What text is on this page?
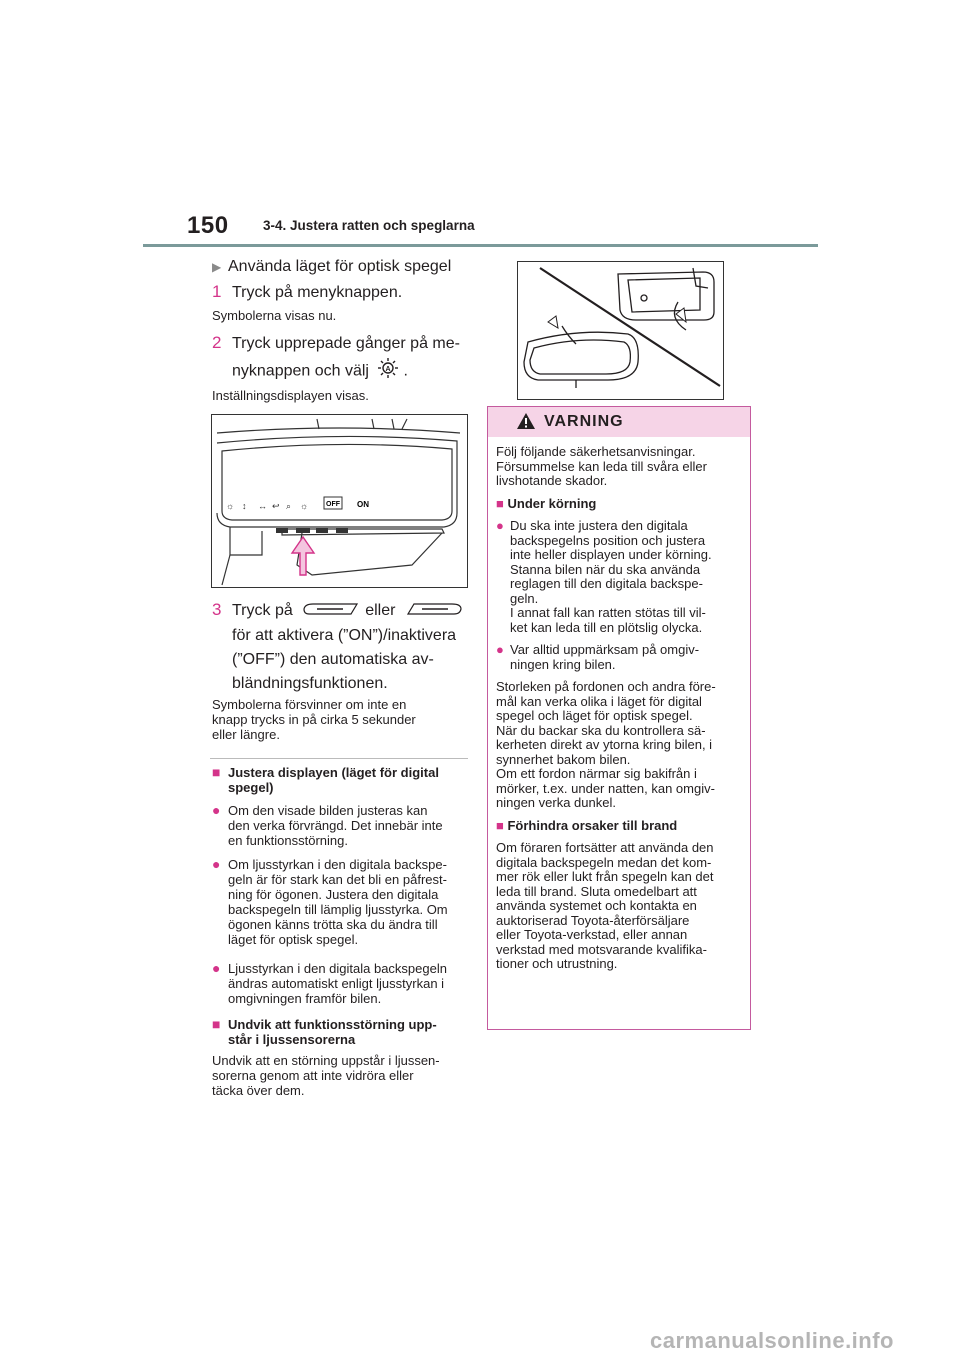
150	3-4. Justera ratten och speglarna
▶ Använda läget för optisk spegel
1 Tryck på menyknappen.
Symbolerna visas nu.
2 Tryck upprepade gånger på me-
nyknappen och välj A .
Inställningsdisplayen visas.
☼ ↕ ↔ ↩ ⌕ ☼	OFF ON
3 Tryck på	eller
för att aktivera (”ON”)/inaktivera
(”OFF”) den automatiska av-
bländningsfunktionen.
Symbolerna försvinner om inte en
knapp trycks in på cirka 5 sekunder
eller längre.
■ Justera displayen (läget för digital
spegel)
● Om den visade bilden justeras kan
den verka förvrängd. Det innebär inte
en funktionsstörning.
● Om ljusstyrkan i den digitala backspe-
geln är för stark kan det bli en påfrest-
ning för ögonen. Justera den digitala
backspegeln till lämplig ljusstyrka. Om
ögonen känns trötta ska du ändra till
läget för optisk spegel.
● Ljusstyrkan i den digitala backspegeln
ändras automatiskt enligt ljusstyrkan i
omgivningen framför bilen.
■ Undvik att funktionsstörning upp-
står i ljussensorerna
Undvik att en störning uppstår i ljussen-
sorerna genom att inte vidröra eller
täcka över dem.
VARNING

Följ följande säkerhetsanvisningar.
Försummelse kan leda till svåra eller
livshotande skador.

■ Under körning

● Du ska inte justera den digitala
backspegelns position och justera
inte heller displayen under körning.
Stanna bilen när du ska använda
reglagen till den digitala backspe-
geln.
I annat fall kan ratten stötas till vil-
ket kan leda till en plötslig olycka.
● Var alltid uppmärksam på omgiv-
ningen kring bilen.

Storleken på fordonen och andra före-
mål kan verka olika i läget för digital
spegel och läget för optisk spegel.
När du backar ska du kontrollera sä-
kerheten direkt av ytorna kring bilen, i
synnerhet bakom bilen.
Om ett fordon närmar sig bakifrån i
mörker, t.ex. under natten, kan omgiv-
ningen verka dunkel.

■ Förhindra orsaker till brand

Om föraren fortsätter att använda den
digitala backspegeln medan det kom-
mer rök eller lukt från spegeln kan det
leda till brand. Sluta omedelbart att
använda systemet och kontakta en
auktoriserad Toyota-återförsäljare
eller Toyota-verkstad, eller annan
verkstad med motsvarande kvalifika-
tioner och utrustning.

carmanualsonline.info
